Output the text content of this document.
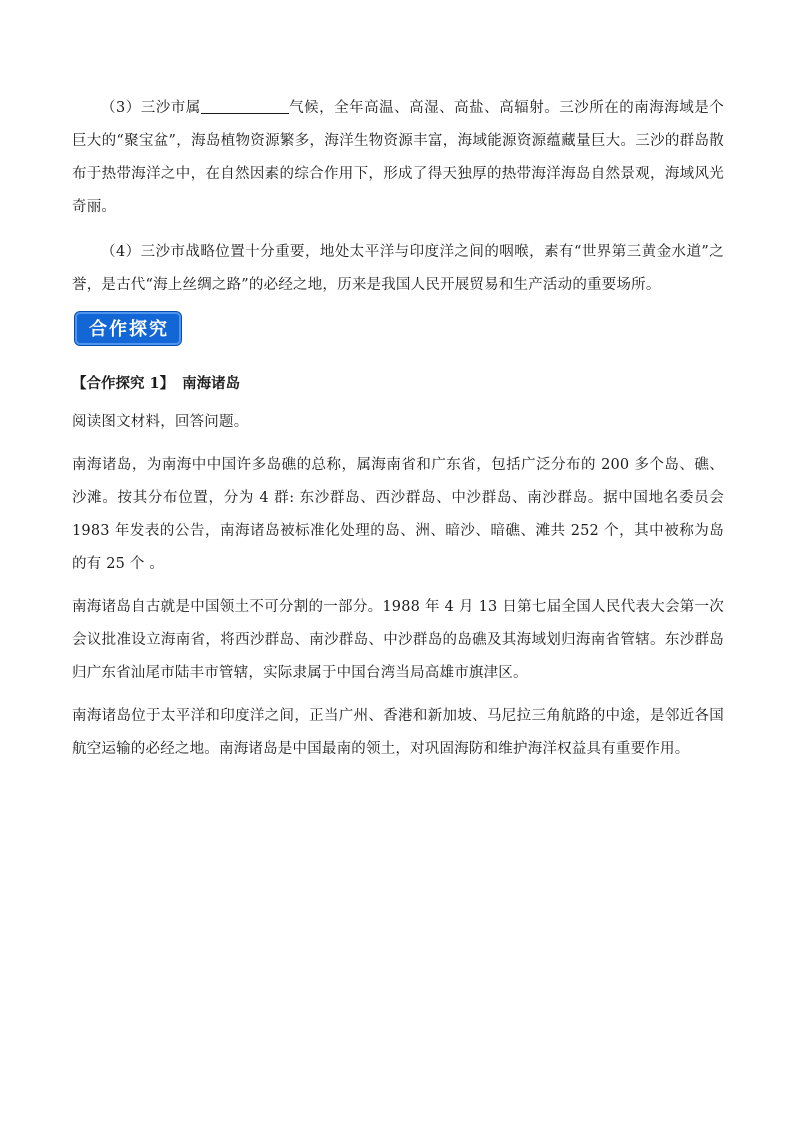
（3）三沙市属	气候，全年高温、高湿、高盐、高辐射。三沙所在的南海海域是个巨大的“聚宝盆”，海岛植物资源繁多，海洋生物资源丰富，海域能源资源蕴藏量巨大。三沙的群岛散布于热带海洋之中，在自然因素的综合作用下，形成了得天独厚的热带海洋海岛自然景观，海域风光奇丽。

（4）三沙市战略位置十分重要，地处太平洋与印度洋之间的咽喉，素有“世界第三黄金水道”之誉，是古代“海上丝绸之路”的必经之地，历来是我国人民开展贸易和生产活动的重要场所。

合作探究

【合作探究 1】 南海诸岛

阅读图文材料，回答问题。

南海诸岛，为南海中中国许多岛礁的总称，属海南省和广东省，包括广泛分布的 200 多个岛、礁、沙滩。按其分布位置，分为 4 群: 东沙群岛、西沙群岛、中沙群岛、南沙群岛。据中国地名委员会 1983 年发表的公告，南海诸岛被标准化处理的岛、洲、暗沙、暗礁、滩共 252 个，其中被称为岛的有 25 个 。

南海诸岛自古就是中国领土不可分割的一部分。1988 年 4 月 13 日第七届全国人民代表大会第一次会议批准设立海南省，将西沙群岛、南沙群岛、中沙群岛的岛礁及其海域划归海南省管辖。东沙群岛归广东省汕尾市陆丰市管辖，实际隶属于中国台湾当局高雄市旗津区。

南海诸岛位于太平洋和印度洋之间，正当广州、香港和新加坡、马尼拉三角航路的中途，是邻近各国航空运输的必经之地。南海诸岛是中国最南的领土，对巩固海防和维护海洋权益具有重要作用。
